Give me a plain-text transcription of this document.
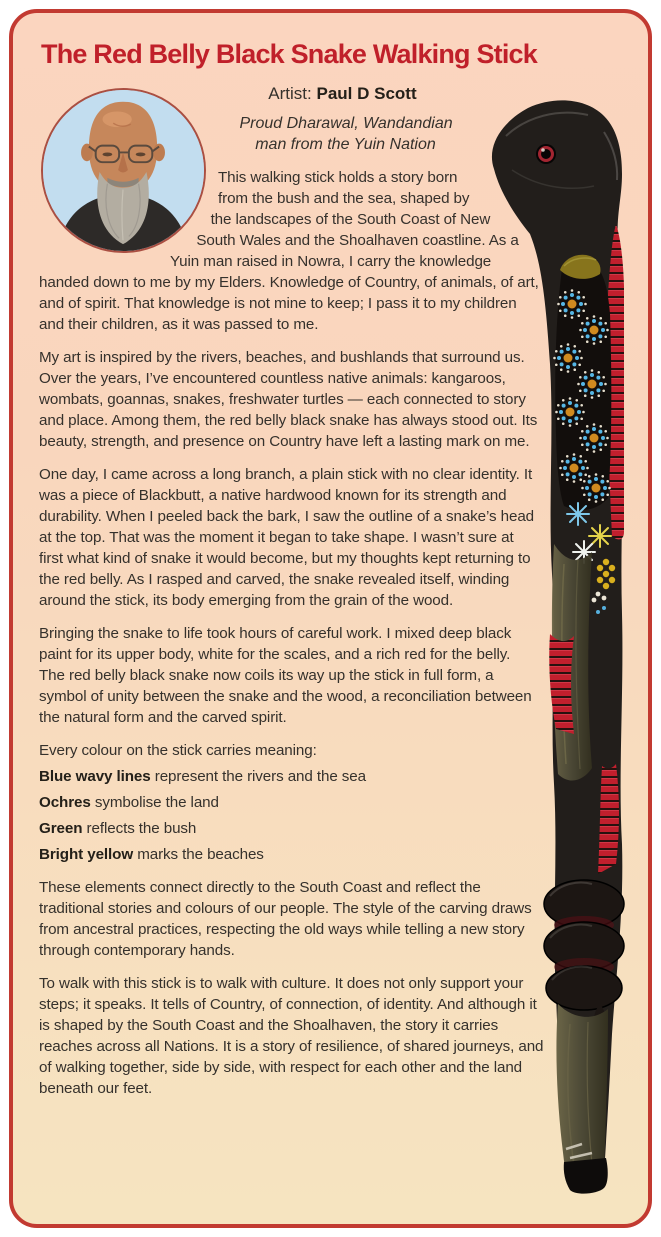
The Red Belly Black Snake Walking Stick
Artist: Paul D Scott
Proud Dharawal, Wandandian
man from the Yuin Nation

This walking stick holds a story born from the bush and the sea, shaped by the landscapes of the South Coast of New South Wales and the Shoalhaven coastline. As a Yuin man raised in Nowra, I carry the knowledge handed down to me by my Elders. Knowledge of Country, of animals, of art, and of spirit. That knowledge is not mine to keep; I pass it to my children and their children, as it was passed to me.

My art is inspired by the rivers, beaches, and bushlands that surround us. Over the years, I’ve encountered countless native animals: kangaroos, wombats, goannas, snakes, freshwater turtles — each connected to story and place. Among them, the red belly black snake has always stood out. Its beauty, strength, and presence on Country have left a lasting mark on me.

One day, I came across a long branch, a plain stick with no clear identity. It was a piece of Blackbutt, a native hardwood known for its strength and durability. When I peeled back the bark, I saw the outline of a snake’s head at the top. That was the moment it began to take shape. I wasn’t sure at first what kind of snake it would become, but my thoughts kept returning to the red belly. As I rasped and carved, the snake revealed itself, winding around the stick, its body emerging from the grain of the wood.

Bringing the snake to life took hours of careful work. I mixed deep black paint for its upper body, white for the scales, and a rich red for the belly. The red belly black snake now coils its way up the stick in full form, a symbol of unity between the snake and the wood, a reconciliation between the natural form and the carved spirit.

Every colour on the stick carries meaning:

Blue wavy lines represent the rivers and the sea

Ochres symbolise the land

Green reflects the bush

Bright yellow marks the beaches

These elements connect directly to the South Coast and reflect the traditional stories and colours of our people. The style of the carving draws from ancestral practices, respecting the old ways while telling a new story through contemporary hands.

To walk with this stick is to walk with culture. It does not only support your steps; it speaks. It tells of Country, of connection, of identity. And although it is shaped by the South Coast and the Shoalhaven, the story it carries reaches across all Nations. It is a story of resilience, of shared journeys, and of walking together, side by side, with respect for each other and the land beneath our feet.
